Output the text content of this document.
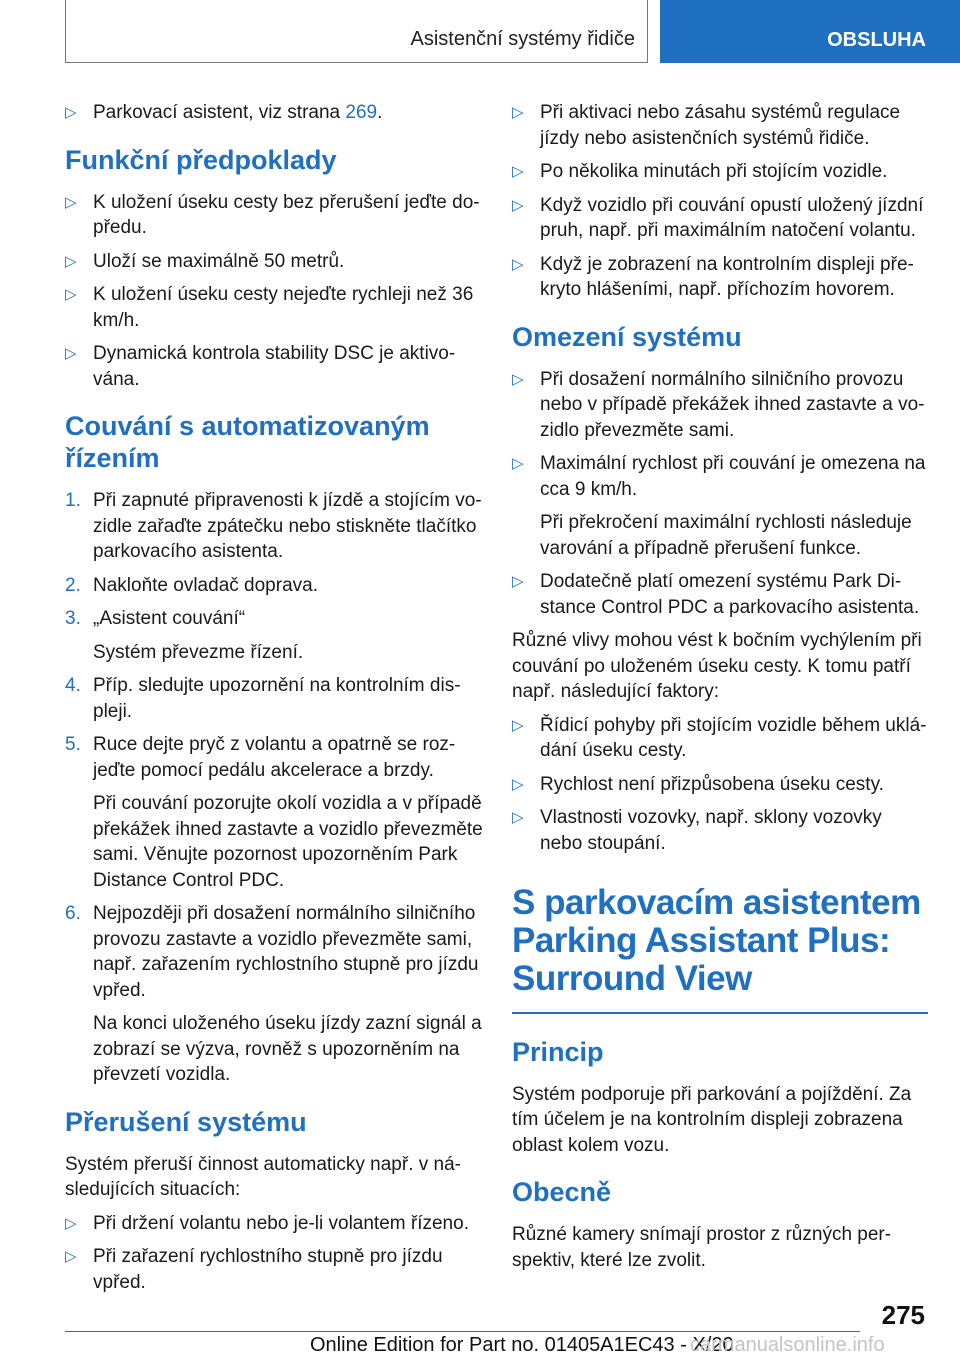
Asistenční systémy řidiče	OBSLUHA
▷ Parkovací asistent, viz strana 269.

Funkční předpoklady
▷ K uložení úseku cesty bez přerušení jeďte do-předu.

▷ Uloží se maximálně 50 metrů.

▷ K uložení úseku cesty nejeďte rychleji než 36 km/h.

▷ Dynamická kontrola stability DSC je aktivo-vána.

Couvání s automatizovaným řízením
1. Při zapnuté připravenosti k jízdě a stojícím vo-zidle zařaďte zpátečku nebo stiskněte tlačítko parkovacího asistenta.

2. Nakloňte ovladač doprava.

3. „Asistent couvání“

Systém převezme řízení.

4. Příp. sledujte upozornění na kontrolním dis-pleji.

5. Ruce dejte pryč z volantu a opatrně se roz-jeďte pomocí pedálu akcelerace a brzdy.

Při couvání pozorujte okolí vozidla a v případě překážek ihned zastavte a vozidlo převezměte sami. Věnujte pozornost upozorněním Park Distance Control PDC.

6. Nejpozději při dosažení normálního silničního provozu zastavte a vozidlo převezměte sami, např. zařazením rychlostního stupně pro jízdu vpřed.

Na konci uloženého úseku jízdy zazní signál a zobrazí se výzva, rovněž s upozorněním na převzetí vozidla.

Přerušení systému

Systém přeruší činnost automaticky např. v ná-sledujících situacích:

▷ Při držení volantu nebo je-li volantem řízeno.

▷ Při zařazení rychlostního stupně pro jízdu vpřed.

▷ Při aktivaci nebo zásahu systémů regulace jízdy nebo asistenčních systémů řidiče.

▷ Po několika minutách při stojícím vozidle.

▷ Když vozidlo při couvání opustí uložený jízdní pruh, např. při maximálním natočení volantu.

▷ Když je zobrazení na kontrolním displeji pře-kryto hlášeními, např. příchozím hovorem.

Omezení systému
▷ Při dosažení normálního silničního provozu nebo v případě překážek ihned zastavte a vo-zidlo převezměte sami.

▷ Maximální rychlost při couvání je omezena na cca 9 km/h.

Při překročení maximální rychlosti následuje varování a případně přerušení funkce.

▷ Dodatečně platí omezení systému Park Di-stance Control PDC a parkovacího asistenta.

Různé vlivy mohou vést k bočním vychýlením při couvání po uloženém úseku cesty. K tomu patří např. následující faktory:

▷ Řídicí pohyby při stojícím vozidle během uklá-dání úseku cesty.

▷ Rychlost není přizpůsobena úseku cesty.

▷ Vlastnosti vozovky, např. sklony vozovky nebo stoupání.

S parkovacím asistentem Parking Assistant Plus: Surround View
Princip

Systém podporuje při parkování a pojíždění. Za tím účelem je na kontrolním displeji zobrazena oblast kolem vozu.

Obecně

Různé kamery snímají prostor z různých per-spektiv, které lze zvolit.

275
Online Edition for Part no. 01405A1EC43 - X/20
carmanualsonline.info
